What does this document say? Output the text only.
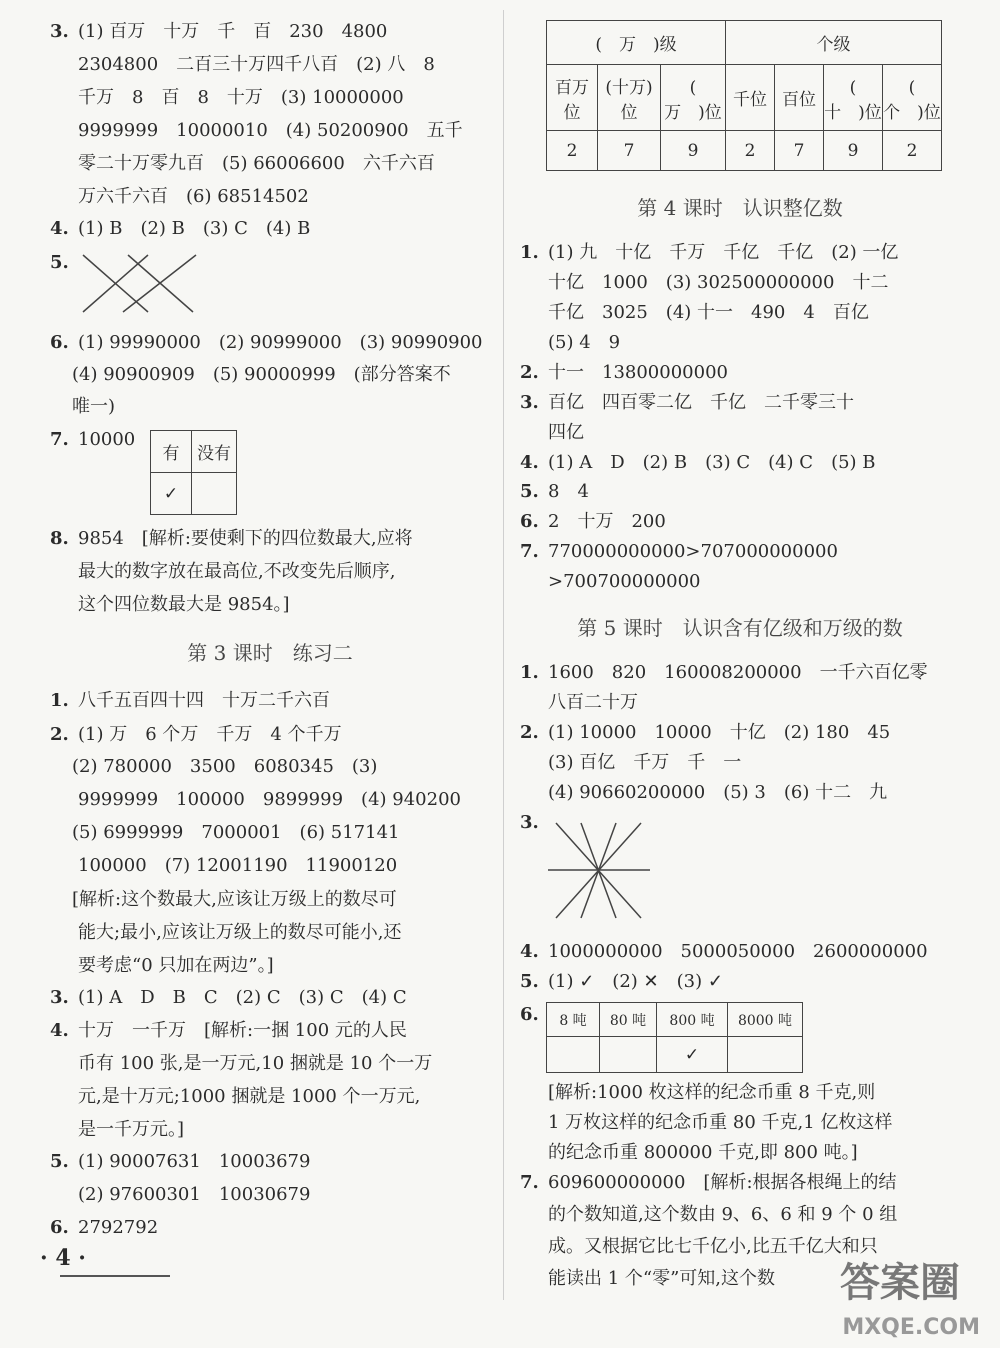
3. (1) 百万　十万　千　百　230　4800
2304800　二百三十万四千八百　(2) 八　8
千万　8　百　8　十万　(3) 10000000
9999999　10000010　(4) 50200900　五千
零二十万零九百　(5) 66006600　六千六百
万六千六百　(6) 68514502
4. (1) B　(2) B　(3) C　(4) B
5.
6. (1) 99990000　(2) 90999000　(3) 90990900
(4) 90900909　(5) 90000999　(部分答案不
唯一)
7. 10000
有	没有
✓	
8. 9854　[解析:要使剩下的四位数最大,应将
最大的数字放在最高位,不改变先后顺序,
这个四位数最大是 9854。]
第 3 课时　练习二
1. 八千五百四十四　十万二千六百
2. (1) 万　6 个万　千万　4 个千万
(2) 780000　3500　6080345　(3)
9999999　100000　9899999　(4) 940200
(5) 6999999　7000001　(6) 517141
100000　(7) 12001190　11900120
[解析:这个数最大,应该让万级上的数尽可
能大;最小,应该让万级上的数尽可能小,还
要考虑“0 只加在两边”。]
3. (1) A　D　B　C　(2) C　(3) C　(4) C
4. 十万　一千万　[解析:一捆 100 元的人民
币有 100 张,是一万元,10 捆就是 10 个一万
元,是十万元;1000 捆就是 1000 个一万元,
是一千万元。]
5. (1) 90007631　10003679
(2) 97600301　10030679
6. 2792792
(　万　)级			个级			
百万位	(十万)位	(　万　)位	千位	百位	(　十　)位	(　个　)位
2	7	9	2	7	9	2
第 4 课时　认识整亿数
1. (1) 九　十亿　千万　千亿　千亿　(2) 一亿
十亿　1000　(3) 302500000000　十二
千亿　3025　(4) 十一　490　4　百亿
(5) 4　9
2. 十一　13800000000
3. 百亿　四百零二亿　千亿　二千零三十
四亿
4. (1) A　D　(2) B　(3) C　(4) C　(5) B
5. 8　4
6. 2　十万　200
7. 770000000000>707000000000
>700700000000
第 5 课时　认识含有亿级和万级的数
1. 1600　820　160008200000　一千六百亿零
八百二十万
2. (1) 10000　10000　十亿　(2) 180　45
(3) 百亿　千万　千　一
(4) 90660200000　(5) 3　(6) 十二　九
3.
4. 1000000000　5000050000　2600000000
5. (1) ✓　(2) ✕　(3) ✓
6. 8 吨	80 吨	800 吨	8000 吨
		✓	
[解析:1000 枚这样的纪念币重 8 千克,则
1 万枚这样的纪念币重 80 千克,1 亿枚这样
的纪念币重 800000 千克,即 800 吨。]
7. 609600000000　[解析:根据各根绳上的结
的个数知道,这个数由 9、6、6 和 9 个 0 组
成。又根据它比七千亿小,比五千亿大和只
能读出 1 个“零”可知,这个数
· 4 ·
答案圈
MXQE.COM
